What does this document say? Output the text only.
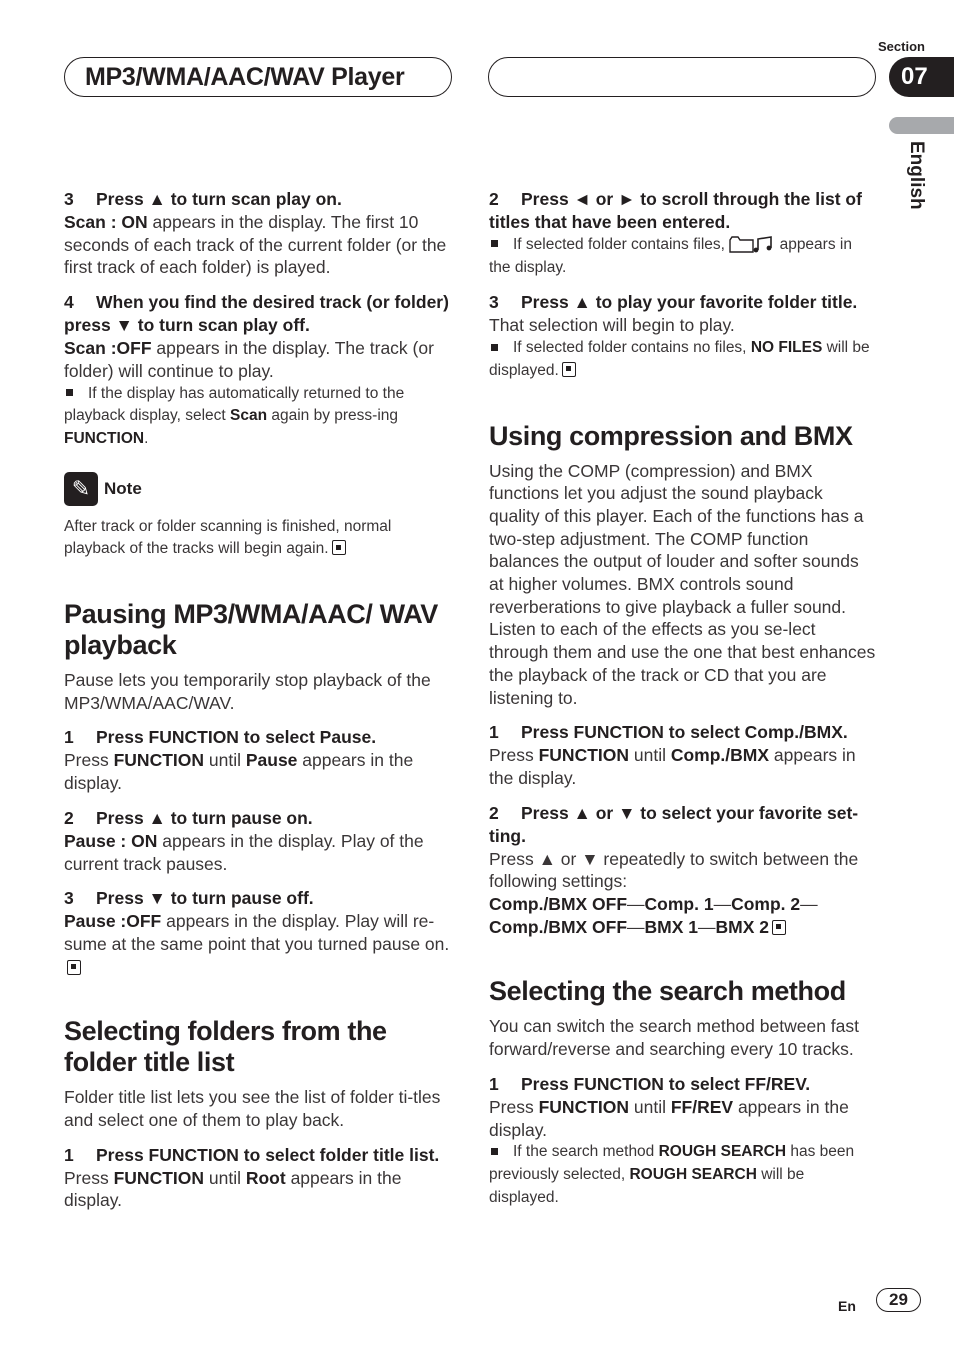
MP3/WMA/AAC/WAV Player
Section
07
English
3 Press ▲ to turn scan play on.

Scan : ON appears in the display. The first 10 seconds of each track of the current folder (or the first track of each folder) is played.

4 When you find the desired track (or folder) press ▼ to turn scan play off.

Scan :OFF appears in the display. The track (or folder) will continue to play.

If the display has automatically returned to the playback display, select Scan again by press-ing FUNCTION.

✎ Note

After track or folder scanning is finished, normal playback of the tracks will begin again.

Pausing MP3/WMA/AAC/ WAV playback

Pause lets you temporarily stop playback of the MP3/WMA/AAC/WAV.

1 Press FUNCTION to select Pause.

Press FUNCTION until Pause appears in the display.

2 Press ▲ to turn pause on.

Pause : ON appears in the display. Play of the current track pauses.

3 Press ▼ to turn pause off.

Pause :OFF appears in the display. Play will re-sume at the same point that you turned pause on.

Selecting folders from the folder title list

Folder title list lets you see the list of folder ti-tles and select one of them to play back.

1 Press FUNCTION to select folder title list.

Press FUNCTION until Root appears in the display.

2 Press ◄ or ► to scroll through the list of titles that have been entered.

If selected folder contains files,	appears in the display.

3 Press ▲ to play your favorite folder title.

That selection will begin to play.

If selected folder contains no files, NO FILES will be displayed.

Using compression and BMX

Using the COMP (compression) and BMX functions let you adjust the sound playback quality of this player. Each of the functions has a two-step adjustment. The COMP function balances the output of louder and softer sounds at higher volumes. BMX controls sound reverberations to give playback a fuller sound. Listen to each of the effects as you se-lect through them and use the one that best enhances the playback of the track or CD that you are listening to.

1 Press FUNCTION to select Comp./BMX.

Press FUNCTION until Comp./BMX appears in the display.

2 Press ▲ or ▼ to select your favorite set-ting.

Press ▲ or ▼ repeatedly to switch between the following settings:

Comp./BMX OFF—Comp. 1—Comp. 2—
Comp./BMX OFF—BMX 1—BMX 2

Selecting the search method

You can switch the search method between fast forward/reverse and searching every 10 tracks.

1 Press FUNCTION to select FF/REV.

Press FUNCTION until FF/REV appears in the display.

If the search method ROUGH SEARCH has been previously selected, ROUGH SEARCH will be displayed.

En	29
